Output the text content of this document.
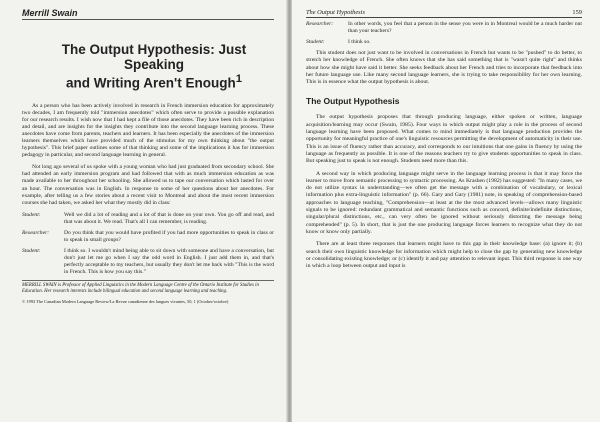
Merrill Swain
The Output Hypothesis: Just Speaking
and Writing Aren't Enough$^1$

As a person who has been actively involved in research in French immersion education for approximately two decades, I am frequently told "immersion anecdotes" which often serve to provide a possible explanation for our research results. I wish now that I had kept a file of those anecdotes. They have been rich in description and detail, and are insights for the insights they contribute into the second language learning process. These anecdotes have come from parents, teachers and learners. It has been especially the anecdotes of the immersion learners themselves which have provided much of the stimulus for my own thinking about "the output hypothesis". This brief paper outlines some of that thinking and some of the implications it has for immersion pedagogy in particular, and second language learning in general.

Not long ago several of us spoke with a young woman who had just graduated from secondary school. She had attended an early immersion program and had followed that with as much immersion education as was made available to her throughout her schooling. She allowed us to tape our conversation which lasted for over an hour. The conversation was in English. In response to some of her questions about her anecdotes. For example, after telling us a few stories about a recent visit to Montreal and about the most recent immersion courses she had taken, we asked her what they mostly did in class:

Student:	Well we did a lot of reading and a lot of that is done on your own. You go off and read, and that was about it. We read. That's all I can remember, is reading.
Researcher:	Do you think that you would have profited if you had more opportunities to speak in class or to speak in small groups?
Student:	I think so. I wouldn't mind being able to sit down with someone and have a conversation, but don't just let me go when I say the odd word in English. I just add them in, and that's perfectly acceptable to my teachers, but usually they don't let me back with "This is the word in French. This is how you say this."
MERRILL SWAIN is Professor of Applied Linguistics in the Modern Language Centre of the Ontario Institute for Studies in Education. Her research interests include bilingual education and second language learning and teaching.
© 1993 The Canadian Modern Language Review/La Revue canadienne des langues vivantes, 50, 1 (October/octobre)
The Output Hypothesis	159
Researcher:	In other words, you feel that a person in the sense you were in in Montreal would be a much harder nut than your teachers?
Student:	I think so.

This student does not just want to be involved in conversations in French but wants to be "pushed" to do better, to stretch her knowledge of French. She often knows that she has said something that is "wasn't quite right" and thinks about how she might have said it better. She seeks feedback about her French and tries to incorporate that feedback into her future language use. Like many second language learners, she is trying to take responsibility for her own learning. This is in essence what the output hypothesis is about.

The Output Hypothesis

The output hypothesis proposes that through producing language, either spoken or written, language acquisition/learning may occur (Swain, 1985). Four ways in which output might play a role in the process of second language learning have been proposed. What comes to mind immediately is that language production provides the opportunity for meaningful practice of one's linguistic resources permitting the development of automaticity in their use. This is an issue of fluency rather than accuracy, and corresponds to our intuitions that one gains in fluency by using the language as frequently as possible. It is one of the reasons teachers try to give students opportunities to speak in class. But speaking just to speak is not enough. Students need more than this.

A second way in which producing language might serve in the language learning process is that it may force the learner to move from semantic processing to syntactic processing. As Krashen (1982) has suggested: "In many cases, we do not utilize syntax in understanding—we often get the message with a combination of vocabulary, or lexical information plus extra-linguistic information" (p. 66). Gary and Gary (1981) note, in speaking of comprehension-based approaches to language teaching, "Comprehension—at least at the the most advanced levels—allows many linguistic signals to be ignored: redundant grammatical and semantic functions such as concord, definite/indefinite distinctions, singular/plural distinctions, etc., can very often be ignored without seriously distorting the message being comprehended" (p. 5). In short, that is just the one producing language forces learners to recognize what they do not know or know only partially.

There are at least three responses that learners might have to this gap in their knowledge base: (a) ignore it; (b) search their own linguistic knowledge for information which might help to close the gap by generating new knowledge or consolidating existing knowledge; or (c) identify it and pay attention to relevant input. This third response is one way in which a loop between output and input is
